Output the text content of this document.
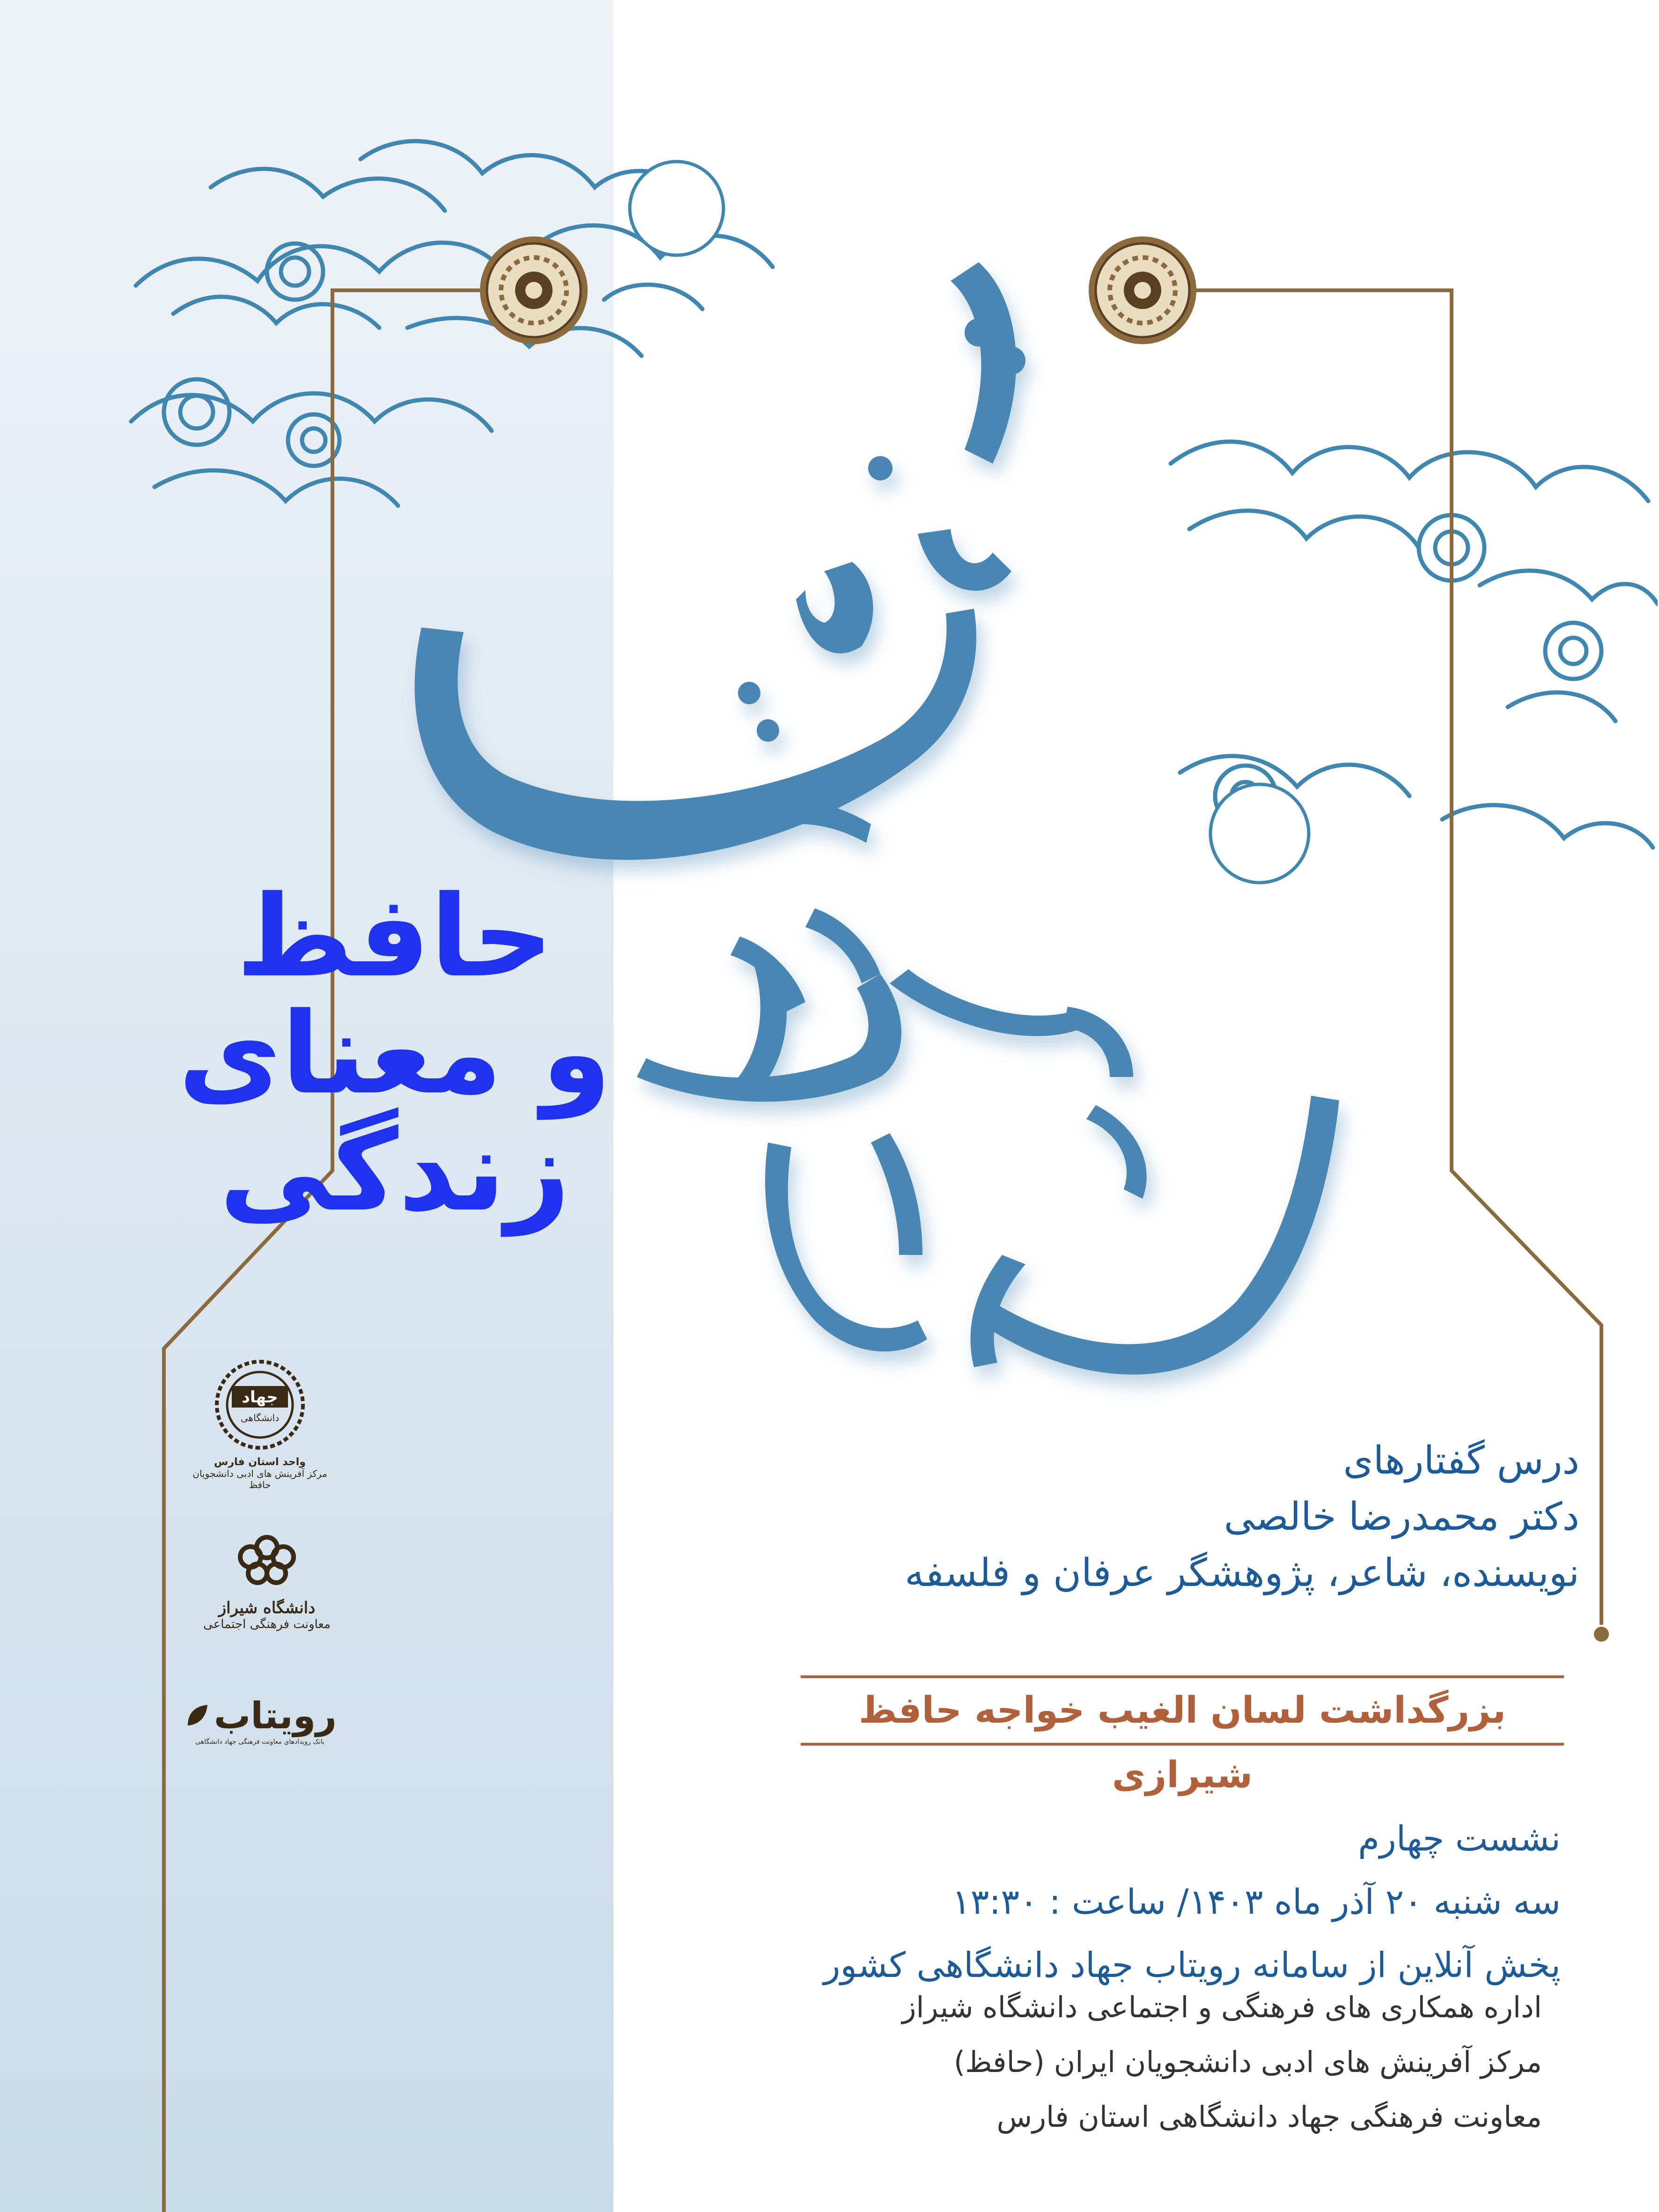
حافظ
و معنای
زندگی
درس گفتارهای
دکتر محمدرضا خالصی
نویسنده، شاعر، پژوهشگر عرفان و فلسفه
بزرگداشت لسان الغیب خواجه حافظ شیرازی
نشست چهارم
سه شنبه ۲۰ آذر ماه ۱۴۰۳/ ساعت : ۱۳:۳۰
پخش آنلاین از سامانه رویتاب جهاد دانشگاهی کشور
اداره همکاری های فرهنگی و اجتماعی دانشگاه شیراز
مرکز آفرینش های ادبی دانشجویان ایران (حافظ)
معاونت فرهنگی جهاد دانشگاهی استان فارس
جهاد
دانشگاهی
واحد استان فارس
مرکز آفرینش های ادبی دانشجویان
حافظ
دانشگاه شیراز
معاونت فرهنگی اجتماعی
رویتاب
بانک رویدادهای معاونت فرهنگی جهاد دانشگاهی
